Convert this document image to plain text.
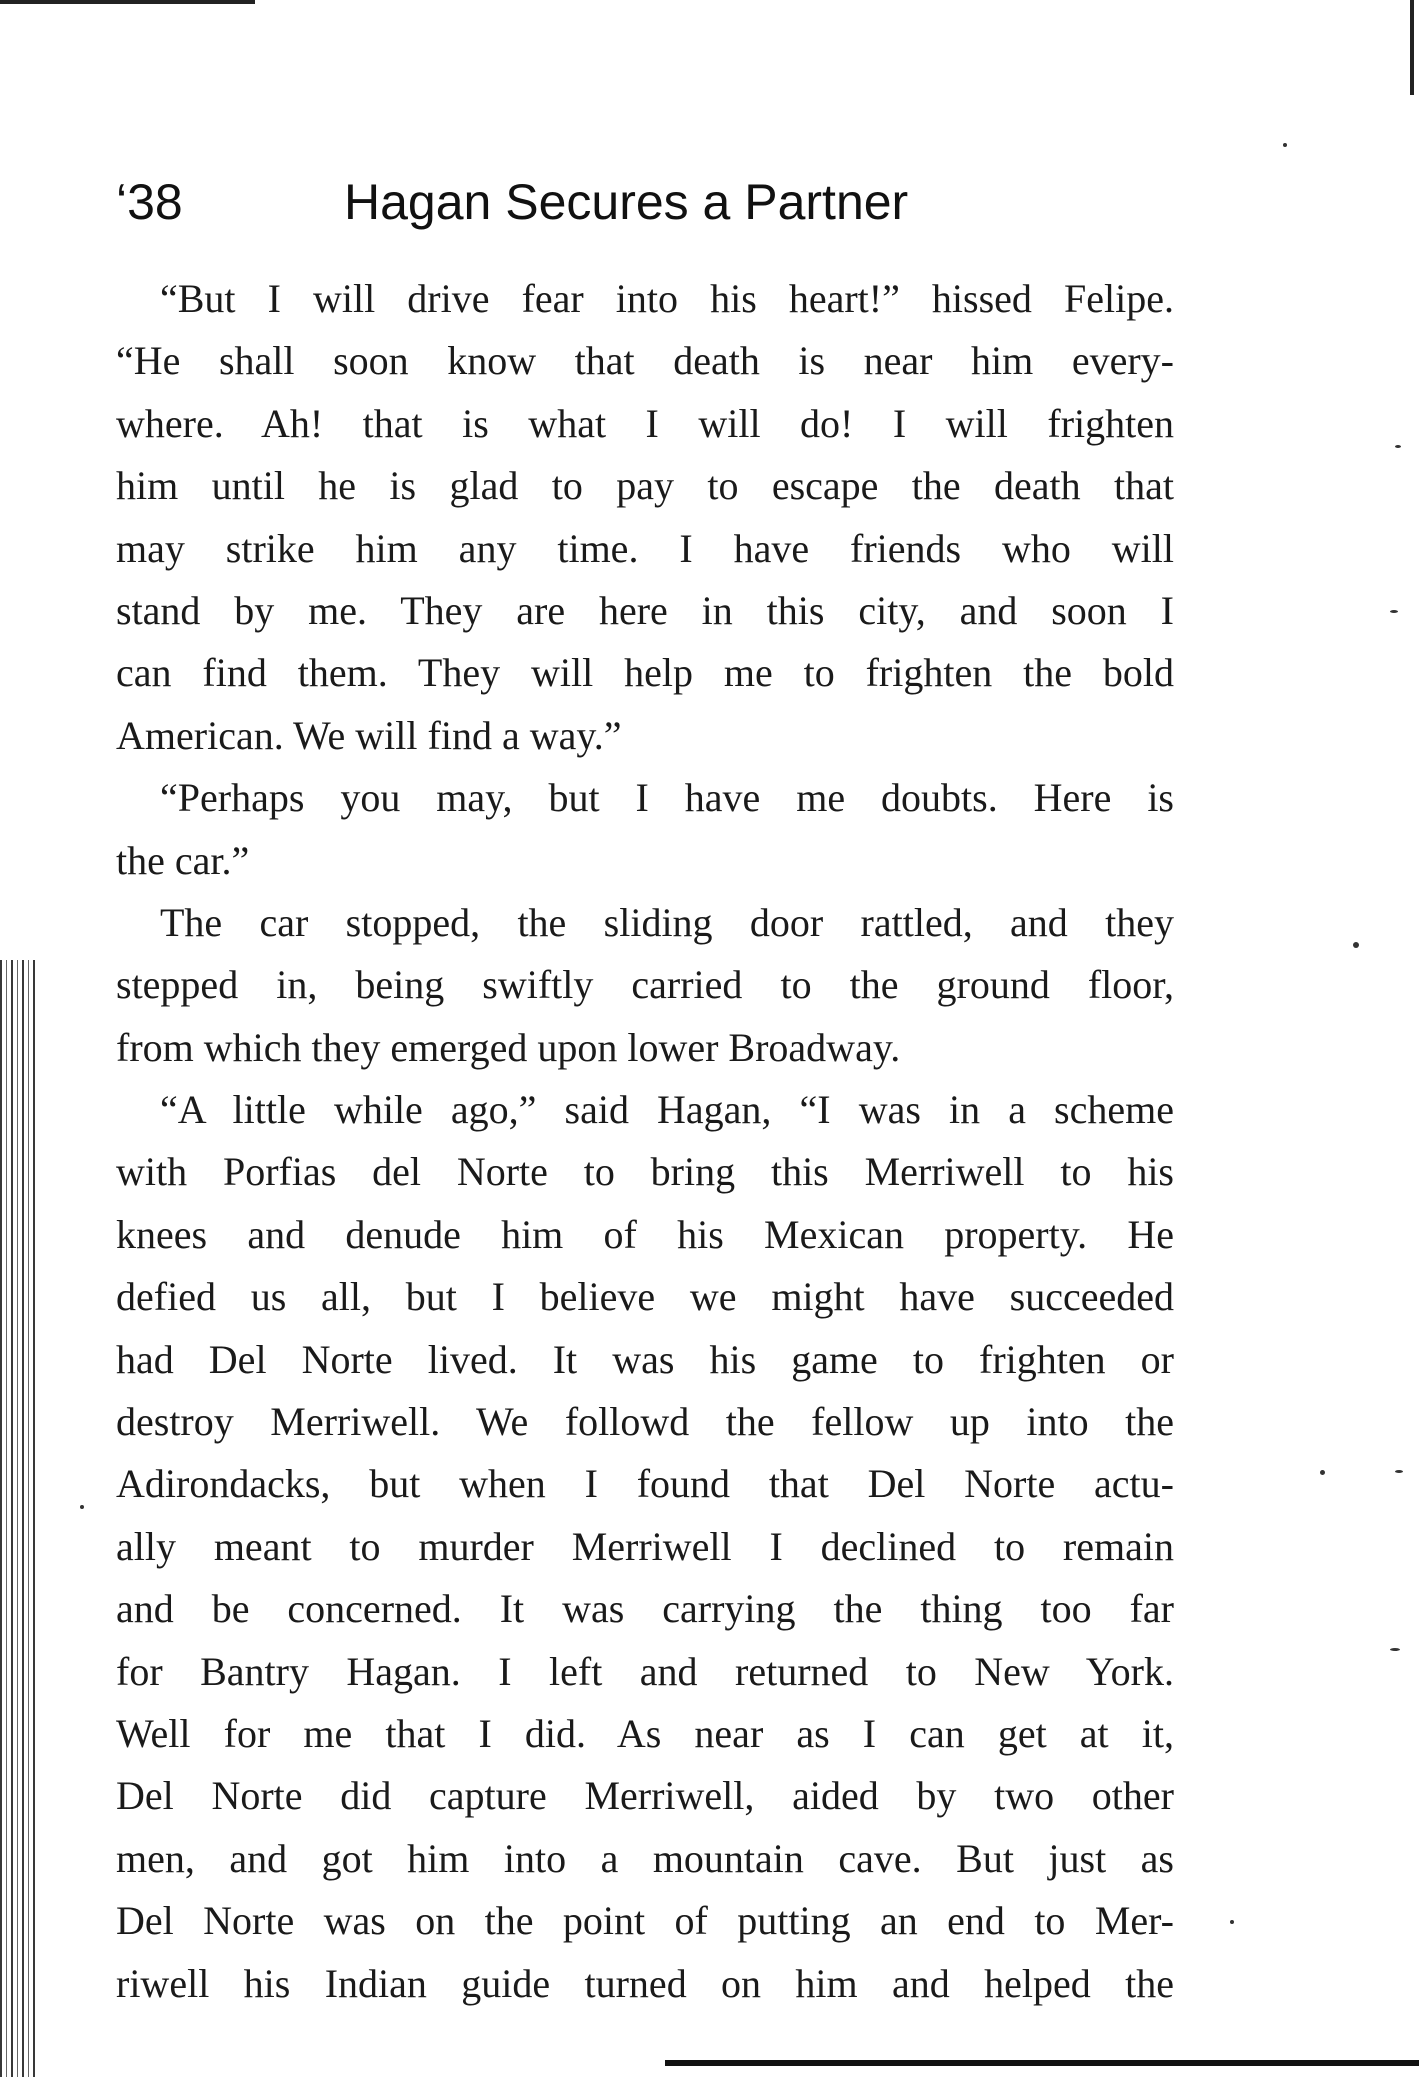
‘38	Hagan Secures a Partner
“But I will drive fear into his heart!” hissed Felipe.
“He shall soon know that death is near him every-
where. Ah! that is what I will do! I will frighten
him until he is glad to pay to escape the death that
may strike him any time. I have friends who will
stand by me. They are here in this city, and soon I
can find them. They will help me to frighten the bold
American. We will find a way.”
“Perhaps you may, but I have me doubts. Here is
the car.”
The car stopped, the sliding door rattled, and they
stepped in, being swiftly carried to the ground floor,
from which they emerged upon lower Broadway.
“A little while ago,” said Hagan, “I was in a scheme
with Porfias del Norte to bring this Merriwell to his
knees and denude him of his Mexican property. He
defied us all, but I believe we might have succeeded
had Del Norte lived. It was his game to frighten or
destroy Merriwell. We followd the fellow up into the
Adirondacks, but when I found that Del Norte actu-
ally meant to murder Merriwell I declined to remain
and be concerned. It was carrying the thing too far
for Bantry Hagan. I left and returned to New York.
Well for me that I did. As near as I can get at it,
Del Norte did capture Merriwell, aided by two other
men, and got him into a mountain cave. But just as
Del Norte was on the point of putting an end to Mer-
riwell his Indian guide turned on him and helped the
